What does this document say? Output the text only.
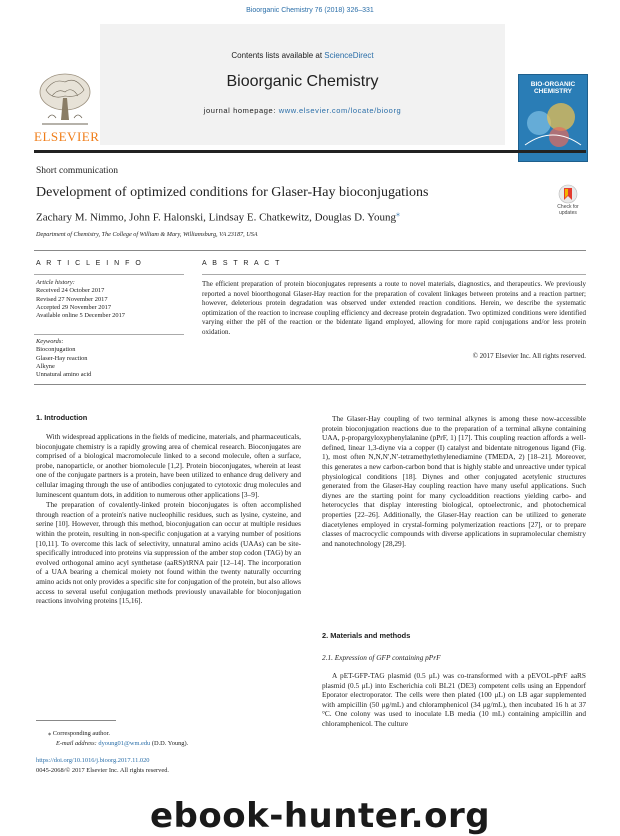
Bioorganic Chemistry 76 (2018) 326–331
ELSEVIER
Contents lists available at ScienceDirect
Bioorganic Chemistry
journal homepage: www.elsevier.com/locate/bioorg
BIO-ORGANIC
CHEMISTRY
Short communication
Development of optimized conditions for Glaser-Hay bioconjugations
Check for
updates
Zachary M. Nimmo, John F. Halonski, Lindsay E. Chatkewitz, Douglas D. Young⁎
Department of Chemistry, The College of William & Mary, Williamsburg, VA 23187, USA
A R T I C L E I N F O
Article history:
Received 24 October 2017
Revised 27 November 2017
Accepted 29 November 2017
Available online 5 December 2017
Keywords:
Bioconjugation
Glaser-Hay reaction
Alkyne
Unnatural amino acid
A B S T R A C T
The efficient preparation of protein bioconjugates represents a route to novel materials, diagnostics, and therapeutics. We previously reported a novel bioorthogonal Glaser-Hay reaction for the preparation of covalent linkages between proteins and a reaction partner; however, deleterious protein degradation was observed under extended reaction conditions. Herein, we describe the systematic optimization of the reaction to increase coupling efficiency and decrease protein degradation. Two optimized conditions were identified varying either the pH of the reaction or the bidentate ligand employed, allowing for more rapid conjugations and/or less protein oxidation.
© 2017 Elsevier Inc. All rights reserved.
1. Introduction

With widespread applications in the fields of medicine, materials, and pharmaceuticals, bioconjugate chemistry is a rapidly growing area of chemical research. Bioconjugates are comprised of a biological macromolecule linked to a second molecule, often a surface, probe, nanoparticle, or another biomolecule [1,2]. Protein bioconjugates, wherein at least one of the conjugate partners is a protein, have been utilized to enhance drug delivery and cellular imaging through the use of antibodies conjugated to cytotoxic drug molecules and luminescent quantum dots, in addition to numerous other applications [3–9].

The preparation of covalently-linked protein bioconjugates is often accomplished through reaction of a protein's native nucleophilic residues, such as lysine, cysteine, and serine [10]. However, through this method, bioconjugation can occur at multiple residues within the protein, resulting in non-specific conjugation at a varying number of positions [10,11]. To overcome this lack of selectivity, unnatural amino acids (UAAs) can be site-specifically introduced into proteins via suppression of the amber stop codon (TAG) by an evolved orthogonal amino acyl synthetase (aaRS)/tRNA pair [12–14]. The incorporation of a UAA bearing a chemical moiety not found within the twenty naturally occurring amino acids not only provides a specific site for conjugation of the protein, but also allows access to several useful conjugation methods previously unavailable for bioconjugation reactions involving proteins [15,16].

⁎ Corresponding author.
E-mail address: dyoung01@wm.edu (D.D. Young).
https://doi.org/10.1016/j.bioorg.2017.11.020
0045-2068/© 2017 Elsevier Inc. All rights reserved.

The Glaser-Hay coupling of two terminal alkynes is among these now-accessible protein bioconjugation reactions due to the preparation of a terminal alkyne containing UAA, p-propargyloxyphenylalanine (pPrF, 1) [17]. This coupling reaction affords a well-defined, linear 1,3-diyne via a copper (I) catalyst and bidentate nitrogenous ligand (Fig. 1), most often N,N,N′,N′-tetramethylethylenediamine (TMEDA, 2) [18–21]. Moreover, this generates a new carbon-carbon bond that is highly stable and unreactive under typical physiological conditions [18]. Diynes and other conjugated acetylenic structures generated from the Glaser-Hay coupling reaction have many useful applications. Such diynes are the starting point for many cycloaddition reactions yielding carbo- and heterocycles that display interesting biological, optoelectronic, and photochemical properties [22–26]. Additionally, the Glaser-Hay reaction can be utilized to generate diacetylenes employed in crystal-forming polymerization reactions [27], or to prepare classes of macrocyclic compounds with diverse applications in supramolecular chemistry and nanotechnology [28,29].

2. Materials and methods
2.1. Expression of GFP containing pPrF
A pET-GFP-TAG plasmid (0.5 μL) was co-transformed with a pEVOL-pPrF aaRS plasmid (0.5 μL) into Escherichia coli BL21 (DE3) competent cells using an Eppendorf Eporator electroporator. The cells were then plated (100 μL) on LB agar supplemented with ampicillin (50 μg/mL) and chloramphenicol (34 μg/mL), then incubated 16 h at 37 °C. One colony was used to inoculate LB media (10 mL) containing ampicillin and chloramphenicol. The culture
ebook-hunter.org
